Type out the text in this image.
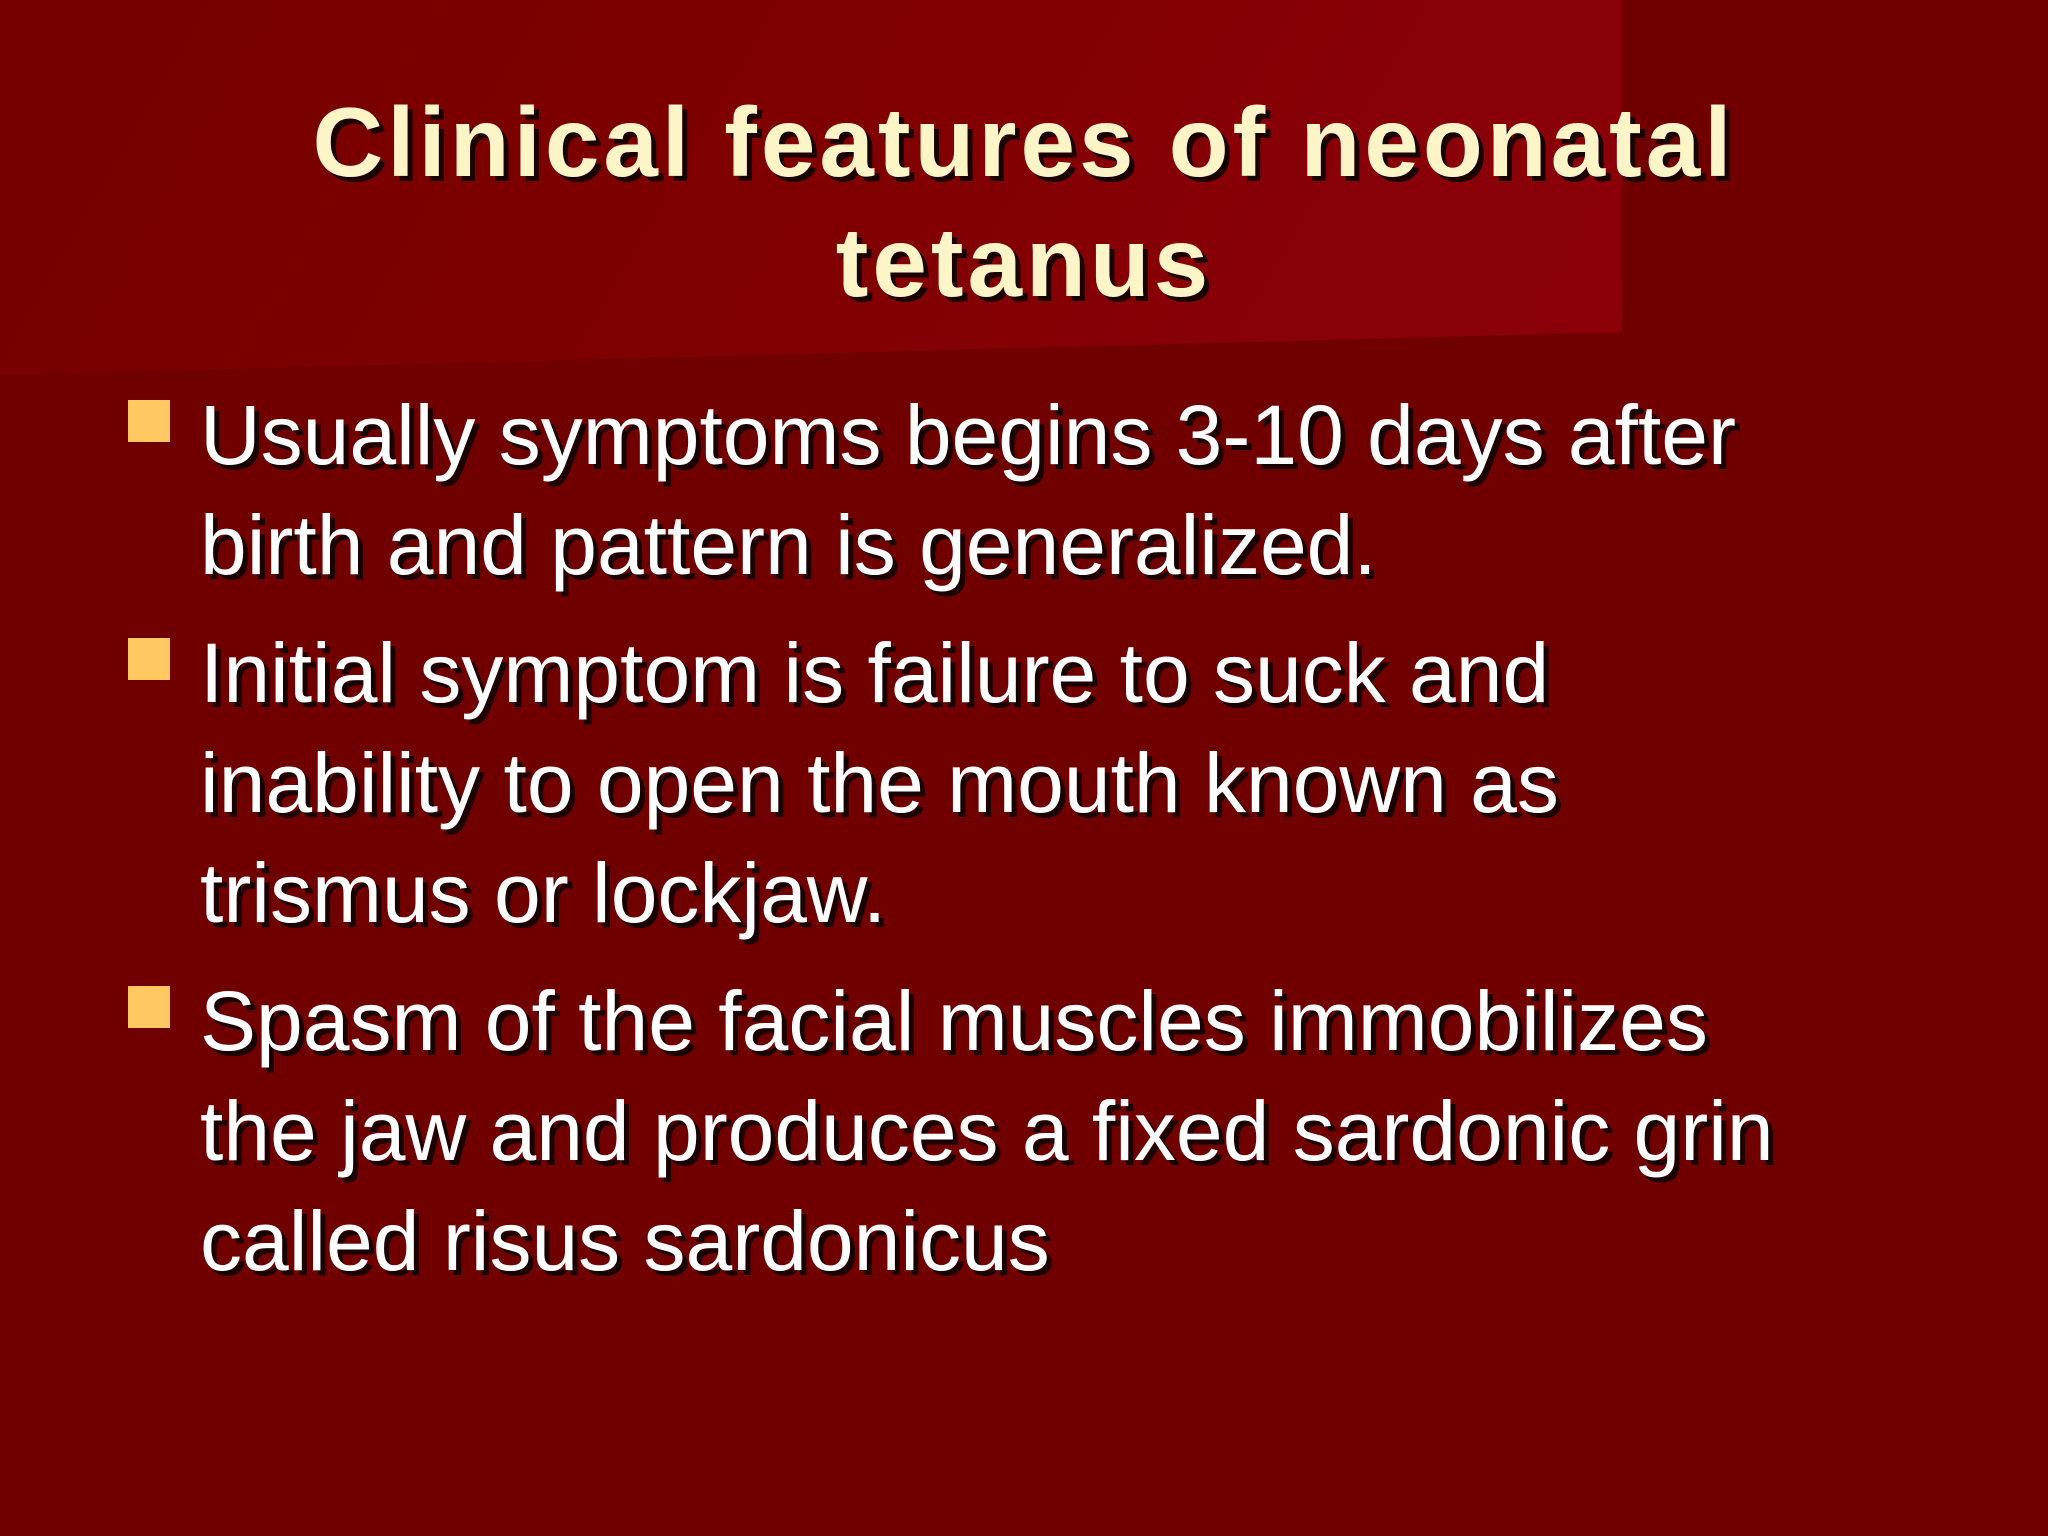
Clinical features of neonatal
tetanus

Usually symptoms begins 3-10 days after
birth and pattern is generalized.

Initial symptom is failure to suck and
inability to open the mouth known as
trismus or lockjaw.

Spasm of the facial muscles immobilizes
the jaw and produces a fixed sardonic grin
called risus sardonicus
